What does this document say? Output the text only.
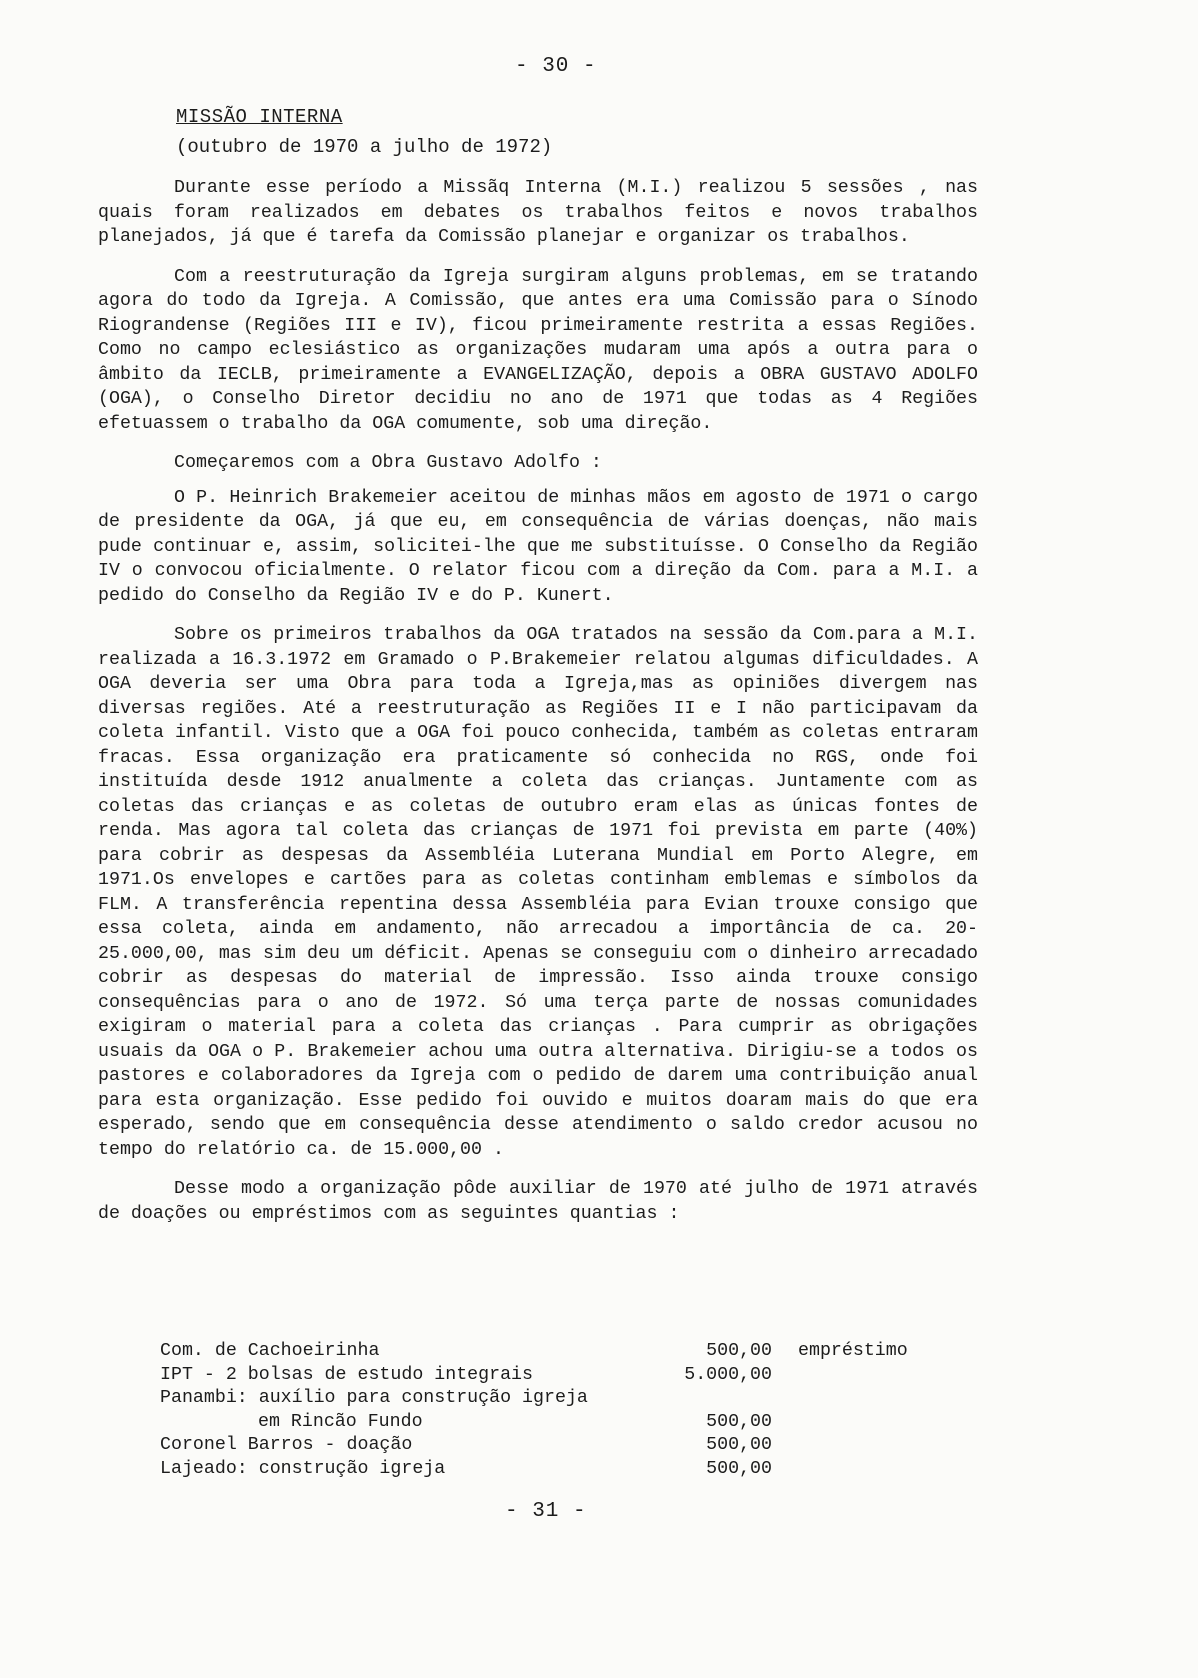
- 30 -
MISSÃO INTERNA
(outubro de 1970 a julho de 1972)

Durante esse período a Missãq Interna (M.I.) realizou 5 sessões , nas quais foram realizados em debates os trabalhos feitos e novos trabalhos planejados, já que é tarefa da Comissão planejar e organizar os trabalhos.

Com a reestruturação da Igreja surgiram alguns problemas, em se tratando agora do todo da Igreja. A Comissão, que antes era uma Comissão para o Sínodo Riograndense (Regiões III e IV), ficou primeiramente restrita a essas Regiões. Como no campo eclesiástico as organizações mudaram uma após a outra para o âmbito da IECLB, primeiramente a EVANGELIZAÇÃO, depois a OBRA GUSTAVO ADOLFO (OGA), o Conselho Diretor decidiu no ano de 1971 que todas as 4 Regiões efetuassem o trabalho da OGA comumente, sob uma direção.

Começaremos com a Obra Gustavo Adolfo :

O P. Heinrich Brakemeier aceitou de minhas mãos em agosto de 1971 o cargo de presidente da OGA, já que eu, em consequência de várias doenças, não mais pude continuar e, assim, solicitei-lhe que me substituísse. O Conselho da Região IV o convocou oficialmente. O relator ficou com a direção da Com. para a M.I. a pedido do Conselho da Região IV e do P. Kunert.

Sobre os primeiros trabalhos da OGA tratados na sessão da Com.para a M.I. realizada a 16.3.1972 em Gramado o P.Brakemeier relatou algumas dificuldades. A OGA deveria ser uma Obra para toda a Igreja,mas as opiniões divergem nas diversas regiões. Até a reestruturação as Regiões II e I não participavam da coleta infantil. Visto que a OGA foi pouco conhecida, também as coletas entraram fracas. Essa organização era praticamente só conhecida no RGS, onde foi instituída desde 1912 anualmente a coleta das crianças. Juntamente com as coletas das crianças e as coletas de outubro eram elas as únicas fontes de renda. Mas agora tal coleta das crianças de 1971 foi prevista em parte (40%) para cobrir as despesas da Assembléia Luterana Mundial em Porto Alegre, em 1971.Os envelopes e cartões para as coletas continham emblemas e símbolos da FLM. A transferência repentina dessa Assembléia para Evian trouxe consigo que essa coleta, ainda em andamento, não arrecadou a importância de ca. 20-25.000,00, mas sim deu um déficit. Apenas se conseguiu com o dinheiro arrecadado cobrir as despesas do material de impressão. Isso ainda trouxe consigo consequências para o ano de 1972. Só uma terça parte de nossas comunidades exigiram o material para a coleta das crianças . Para cumprir as obrigações usuais da OGA o P. Brakemeier achou uma outra alternativa. Dirigiu-se a todos os pastores e colaboradores da Igreja com o pedido de darem uma contribuição anual para esta organização. Esse pedido foi ouvido e muitos doaram mais do que era esperado, sendo que em consequência desse atendimento o saldo credor acusou no tempo do relatório ca. de 15.000,00 .

Desse modo a organização pôde auxiliar de 1970 até julho de 1971 através de doações ou empréstimos com as seguintes quantias :

Com. de Cachoeirinha	500,00 empréstimo
IPT - 2 bolsas de estudo integrais	5.000,00
Panambi: auxílio para construção igreja
em Rincão Fundo	500,00
Coronel Barros - doação	500,00
Lajeado: construção igreja	500,00
- 31 -
